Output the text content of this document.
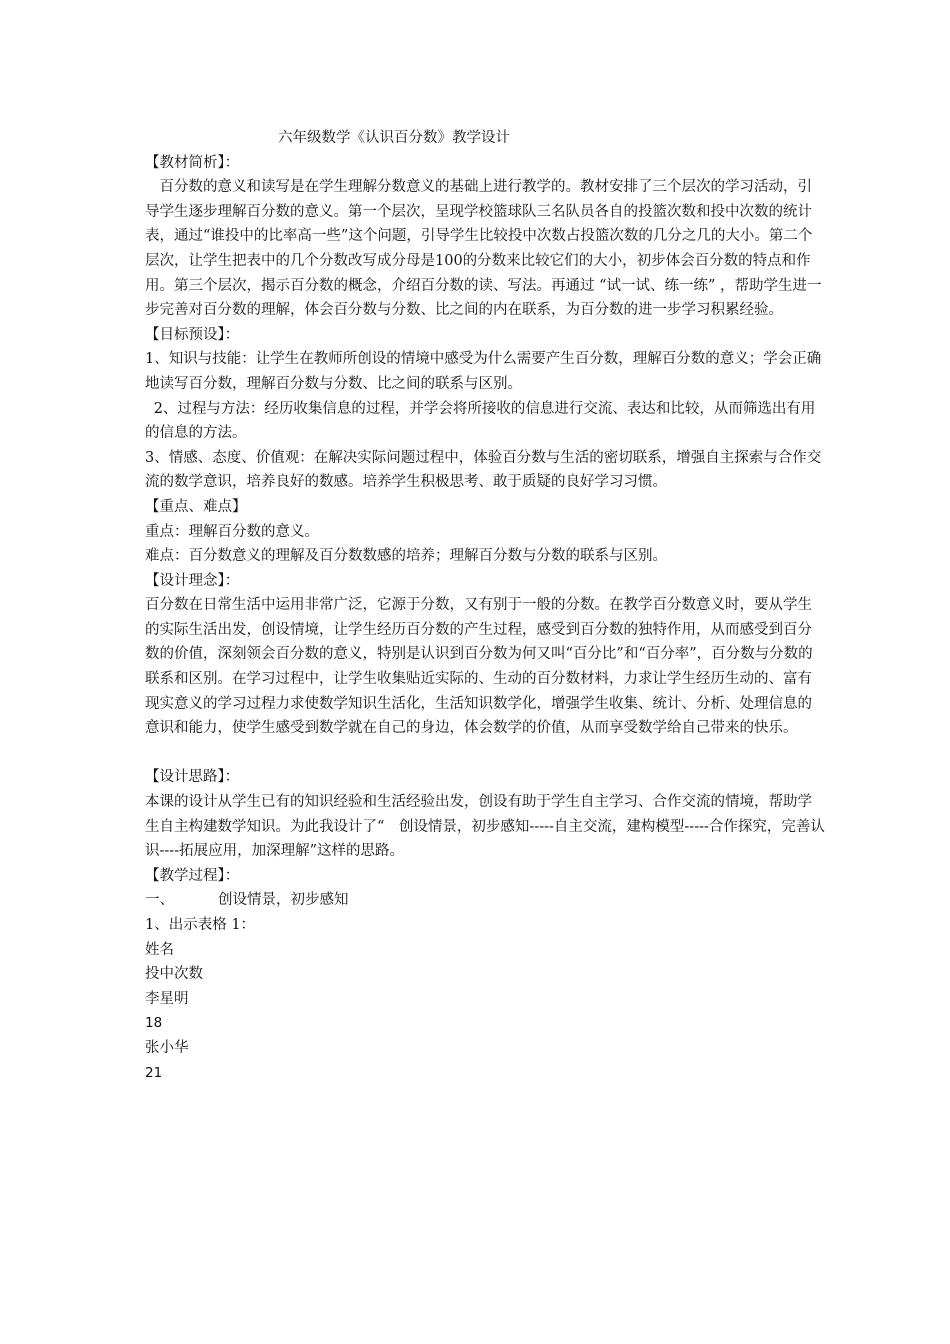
六年级数学《认识百分数》教学设计

【教材简析】：

百分数的意义和读写是在学生理解分数意义的基础上进行教学的。教材安排了三个层次的学习活动，引导学生逐步理解百分数的意义。第一个层次，呈现学校篮球队三名队员各自的投篮次数和投中次数的统计表，通过“谁投中的比率高一些”这个问题，引导学生比较投中次数占投篮次数的几分之几的大小。第二个层次，让学生把表中的几个分数改写成分母是100的分数来比较它们的大小，初步体会百分数的特点和作用。第三个层次，揭示百分数的概念，介绍百分数的读、写法。再通过 “试一试、练一练” ，帮助学生进一步完善对百分数的理解，体会百分数与分数、比之间的内在联系，为百分数的进一步学习积累经验。

【目标预设】：

1、知识与技能：让学生在教师所创设的情境中感受为什么需要产生百分数，理解百分数的意义；学会正确地读写百分数，理解百分数与分数、比之间的联系与区别。

2、过程与方法：经历收集信息的过程，并学会将所接收的信息进行交流、表达和比较，从而筛选出有用的信息的方法。

3、情感、态度、价值观：在解决实际问题过程中，体验百分数与生活的密切联系，增强自主探索与合作交流的数学意识，培养良好的数感。培养学生积极思考、敢于质疑的良好学习习惯。

【重点、难点】

重点：理解百分数的意义。

难点：百分数意义的理解及百分数数感的培养；理解百分数与分数的联系与区别。

【设计理念】：

百分数在日常生活中运用非常广泛，它源于分数，又有别于一般的分数。在教学百分数意义时，要从学生的实际生活出发，创设情境，让学生经历百分数的产生过程，感受到百分数的独特作用，从而感受到百分数的价值，深刻领会百分数的意义，特别是认识到百分数为何又叫“百分比”和“百分率”，百分数与分数的联系和区别。在学习过程中，让学生收集贴近实际的、生动的百分数材料，力求让学生经历生动的、富有现实意义的学习过程力求使数学知识生活化，生活知识数学化，增强学生收集、统计、分析、处理信息的意识和能力，使学生感受到数学就在自己的身边，体会数学的价值，从而享受数学给自己带来的快乐。

【设计思路】：

本课的设计从学生已有的知识经验和生活经验出发，创设有助于学生自主学习、合作交流的情境，帮助学生自主构建数学知识。为此我设计了“　创设情景，初步感知-----自主交流，建构模型-----合作探究，完善认识----拓展应用，加深理解”这样的思路。

【教学过程】：

一、	创设情景，初步感知

1、出示表格 1：

姓名

投中次数

李星明

18

张小华

21
